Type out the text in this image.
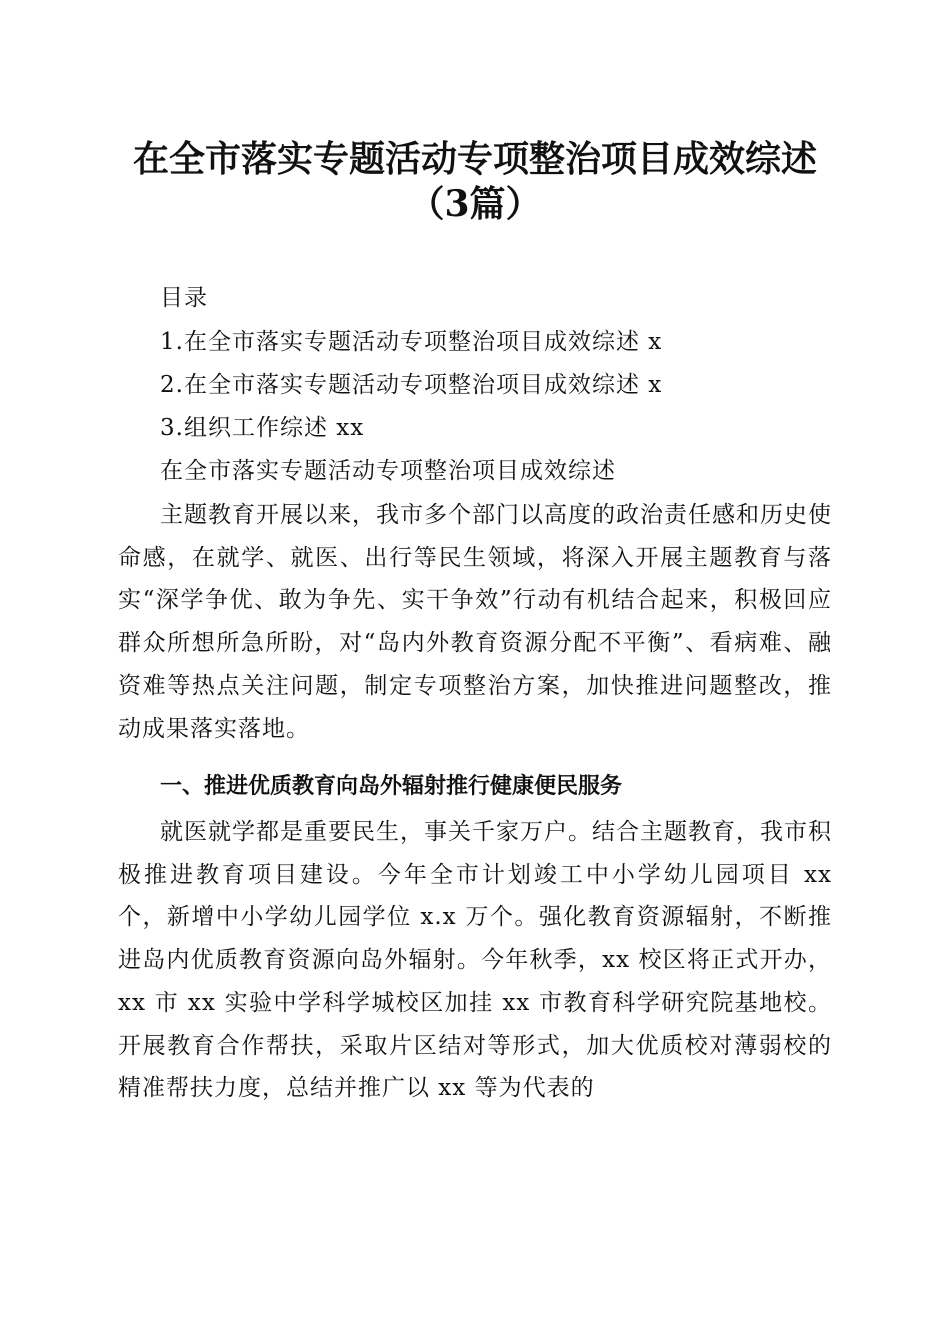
在全市落实专题活动专项整治项目成效综述
（3篇）
目录
1.在全市落实专题活动专项整治项目成效综述 x
2.在全市落实专题活动专项整治项目成效综述 x
3.组织工作综述 xx
在全市落实专题活动专项整治项目成效综述

主题教育开展以来，我市多个部门以高度的政治责任感和历史使命感，在就学、就医、出行等民生领域，将深入开展主题教育与落实“深学争优、敢为争先、实干争效”行动有机结合起来，积极回应群众所想所急所盼，对“岛内外教育资源分配不平衡”、看病难、融资难等热点关注问题，制定专项整治方案，加快推进问题整改，推动成果落实落地。

一、推进优质教育向岛外辐射推行健康便民服务

就医就学都是重要民生，事关千家万户。结合主题教育，我市积极推进教育项目建设。今年全市计划竣工中小学幼儿园项目 xx 个，新增中小学幼儿园学位 x.x 万个。强化教育资源辐射，不断推进岛内优质教育资源向岛外辐射。今年秋季，xx 校区将正式开办，xx 市 xx 实验中学科学城校区加挂 xx 市教育科学研究院基地校。开展教育合作帮扶，采取片区结对等形式，加大优质校对薄弱校的精准帮扶力度，总结并推广以 xx 等为代表的
